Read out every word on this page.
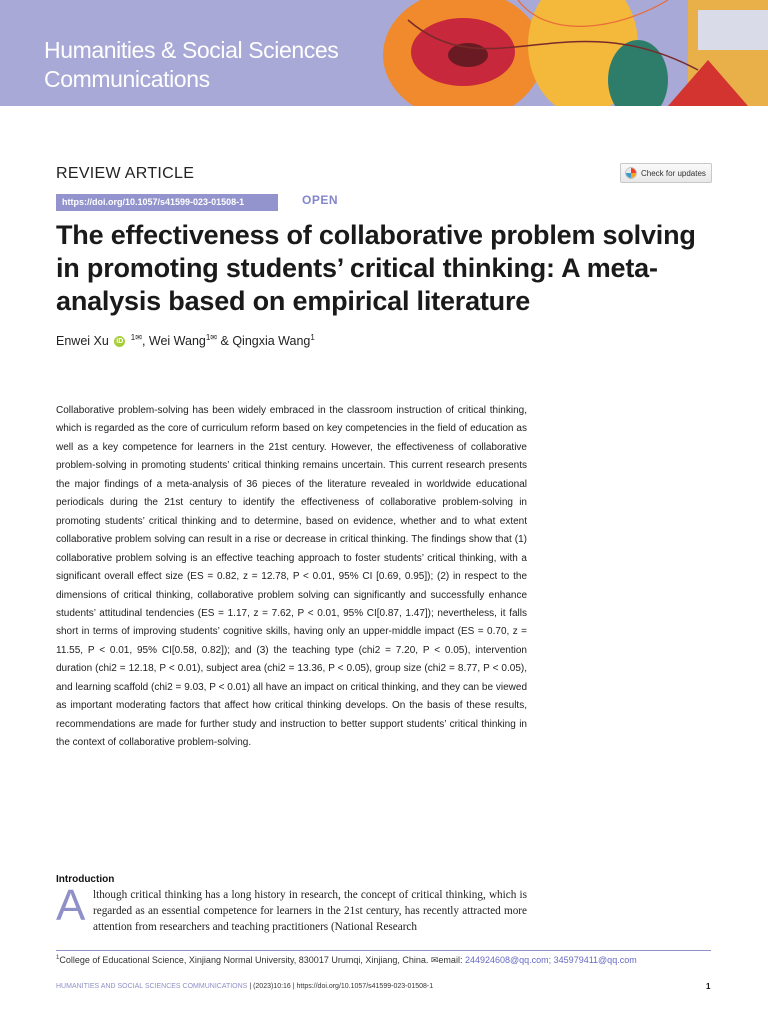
Humanities & Social Sciences
Communications
REVIEW ARTICLE	Check for updates
https://doi.org/10.1057/s41599-023-01508-1	OPEN
The effectiveness of collaborative problem solving in promoting students’ critical thinking: A meta-analysis based on empirical literature
Enwei Xu iD $^{1✉}$, Wei Wang$^{1✉}$ & Qingxia Wang$^1$

Collaborative problem-solving has been widely embraced in the classroom instruction of critical thinking, which is regarded as the core of curriculum reform based on key competencies in the field of education as well as a key competence for learners in the 21st century. However, the effectiveness of collaborative problem-solving in promoting students’ critical thinking remains uncertain. This current research presents the major findings of a meta-analysis of 36 pieces of the literature revealed in worldwide educational periodicals during the 21st century to identify the effectiveness of collaborative problem-solving in promoting students’ critical thinking and to determine, based on evidence, whether and to what extent collaborative problem solving can result in a rise or decrease in critical thinking. The findings show that (1) collaborative problem solving is an effective teaching approach to foster students’ critical thinking, with a significant overall effect size (ES = 0.82, z = 12.78, P < 0.01, 95% CI [0.69, 0.95]); (2) in respect to the dimensions of critical thinking, collaborative problem solving can significantly and successfully enhance students’ attitudinal tendencies (ES = 1.17, z = 7.62, P < 0.01, 95% CI[0.87, 1.47]); nevertheless, it falls short in terms of improving students’ cognitive skills, having only an upper-middle impact (ES = 0.70, z = 11.55, P < 0.01, 95% CI[0.58, 0.82]); and (3) the teaching type (chi2 = 7.20, P < 0.05), intervention duration (chi2 = 12.18, P < 0.01), subject area (chi2 = 13.36, P < 0.05), group size (chi2 = 8.77, P < 0.05), and learning scaffold (chi2 = 9.03, P < 0.01) all have an impact on critical thinking, and they can be viewed as important moderating factors that affect how critical thinking develops. On the basis of these results, recommendations are made for further study and instruction to better support students’ critical thinking in the context of collaborative problem-solving.

Introduction
A lthough critical thinking has a long history in research, the concept of critical thinking, which is regarded as an essential competence for learners in the 21st century, has recently attracted more attention from researchers and teaching practitioners (National Research

$^1$College of Educational Science, Xinjiang Normal University, 830017 Urumqi, Xinjiang, China. ✉email: 244924608@qq.com; 345979411@qq.com
HUMANITIES AND SOCIAL SCIENCES COMMUNICATIONS | (2023)10:16 | https://doi.org/10.1057/s41599-023-01508-1	1
